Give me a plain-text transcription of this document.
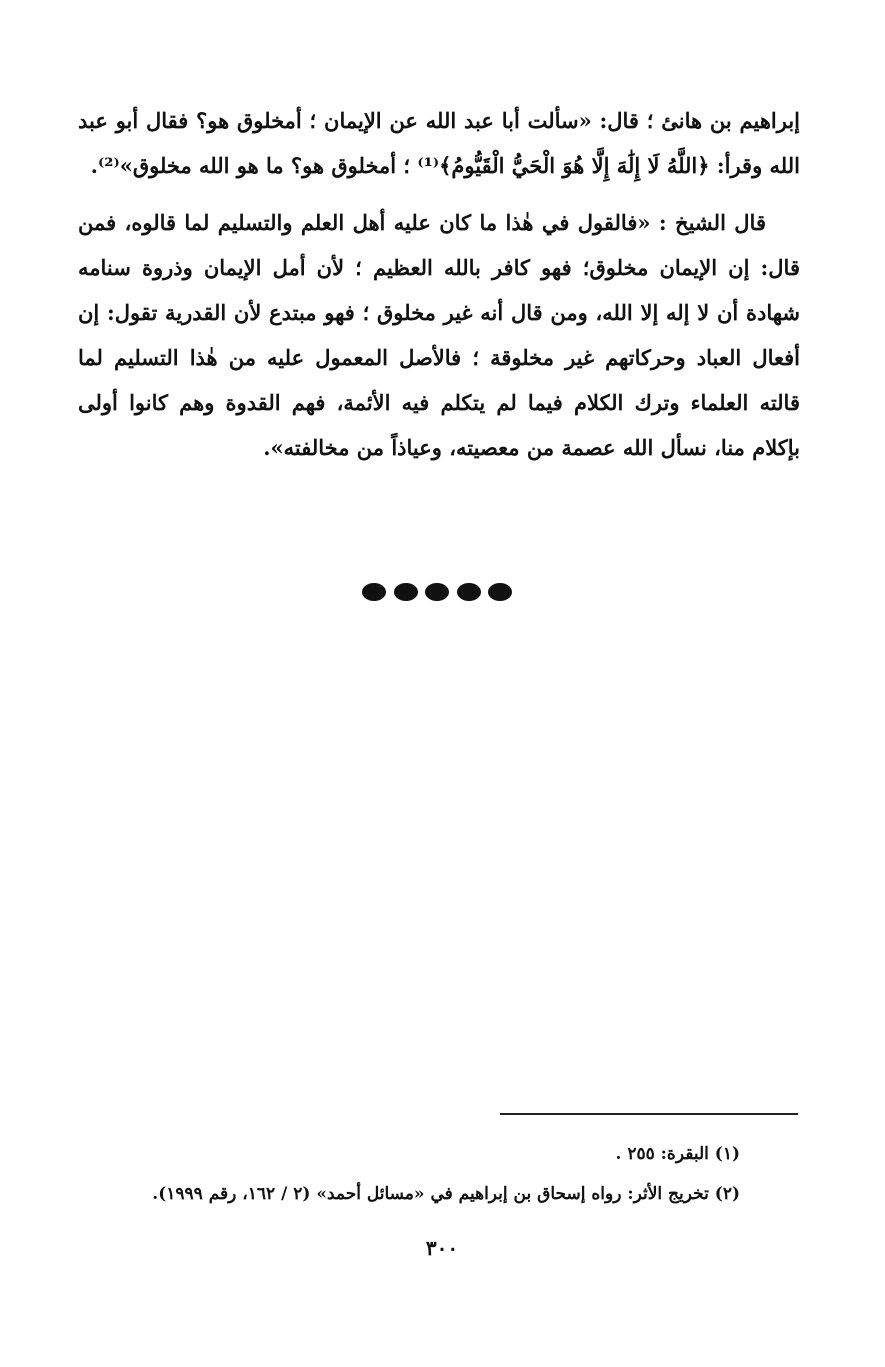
إبراهيم بن هانئ ؛ قال: «سألت أبا عبد الله عن الإيمان ؛ أمخلوق هو؟ فقال أبو عبد الله وقرأ: ﴿اللَّهُ لَا إِلَٰهَ إِلَّا هُوَ الْحَيُّ الْقَيُّومُ﴾⁽¹⁾ ؛ أمخلوق هو؟ ما هو الله مخلوق»⁽²⁾.

قال الشيخ : «فالقول في هٰذا ما كان عليه أهل العلم والتسليم لما قالوه، فمن قال: إن الإيمان مخلوق؛ فهو كافر بالله العظيم ؛ لأن أمل الإيمان وذروة سنامه شهادة أن لا إله إلا الله، ومن قال أنه غير مخلوق ؛ فهو مبتدع لأن القدرية تقول: إن أفعال العباد وحركاتهم غير مخلوقة ؛ فالأصل المعمول عليه من هٰذا التسليم لما قالته العلماء وترك الكلام فيما لم يتكلم فيه الأئمة، فهم القدوة وهم كانوا أولى بإكلام منا، نسأل الله عصمة من معصيته، وعياذاً من مخالفته».

(١) البقرة: ٢٥٥ .

(٢) تخريج الأثر: رواه إسحاق بن إبراهيم في «مسائل أحمد» (٢ / ١٦٢، رقم ١٩٩٩).

٣٠٠
